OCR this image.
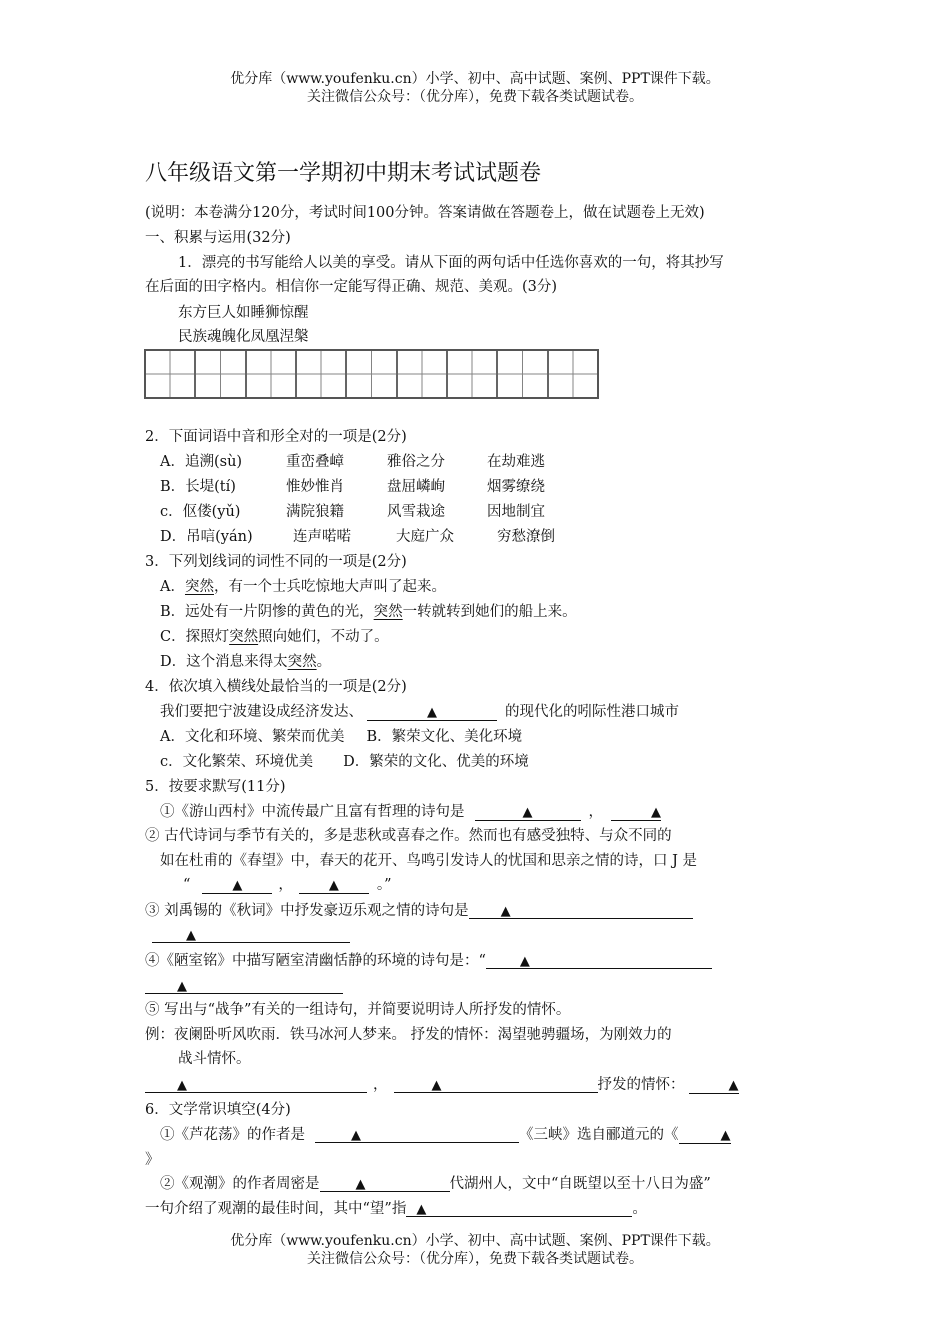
优分库（www.youfenku.cn）小学、初中、高中试题、案例、PPT课件下载。
关注微信公众号：（优分库），免费下载各类试题试卷。
八年级语文第一学期初中期末考试试题卷
(说明：本卷满分120分，考试时间100分钟。答案请做在答题卷上，做在试题卷上无效)
一、积累与运用(32分)
1．漂亮的书写能给人以美的享受。请从下面的两句话中任选你喜欢的一句，将其抄写
在后面的田字格内。相信你一定能写得正确、规范、美观。(3分)
东方巨人如睡狮惊醒
民族魂魄化凤凰涅槃
2．下面词语中音和形全对的一项是(2分)
A．追溯(sù)	重峦叠嶂	雅俗之分	在劫难逃
B．长堤(tí)	惟妙惟肖	盘屈嶙峋	烟雾缭绕
c．伛偻(yǔ)	满院狼籍	风雪栽途	因地制宜
D．吊唁(yán)	连声喏喏	大庭广众	穷愁潦倒
3．下列划线词的词性不同的一项是(2分)
A．突然，有一个士兵吃惊地大声叫了起来。
B．远处有一片阴惨的黄色的光，突然一转就转到她们的船上来。
C．探照灯突然照向她们，不动了。
D．这个消息来得太突然。
4．依次填入横线处最恰当的一项是(2分)
我们要把宁波建设成经济发达、	▲	的现代化的吲际性港口城市
A．文化和环境、繁荣而优美 B．繁荣文化、美化环境
c．文化繁荣、环境优美 D．繁荣的文化、优美的环境
5．按要求默写(11分)
①《游山西村》中流传最广且富有哲理的诗句是	▲	，	▲
② 古代诗词与季节有关的，多是悲秋或喜春之作。然而也有感受独特、与众不同的
如在杜甫的《春望》中，春天的花开、鸟鸣引发诗人的忧国和思亲之情的诗，口 J 是
“	▲ ，	▲	。”
③ 刘禹锡的《秋词》中抒发豪迈乐观之情的诗句是 ▲
▲
④《陋室铭》中描写陋室清幽恬静的环境的诗句是：“	▲
▲
⑤ 写出与“战争”有关的一组诗句，并简要说明诗人所抒发的情怀。
例：夜阑卧听风吹雨．铁马冰河人梦来。 抒发的情怀：渴望驰骋疆场，为刚效力的
战斗情怀。
▲	，	▲	抒发的情怀：	▲
6．文学常识填空(4分)
①《芦花荡》的作者是	▲	《三峡》选自郦道元的《	▲
》
②《观潮》的作者周密是	▲	代湖州人，文中“自既望以至十八日为盛”
一句介绍了观潮的最佳时间，其中“望”指 ▲	。
优分库（www.youfenku.cn）小学、初中、高中试题、案例、PPT课件下载。
关注微信公众号：（优分库），免费下载各类试题试卷。
